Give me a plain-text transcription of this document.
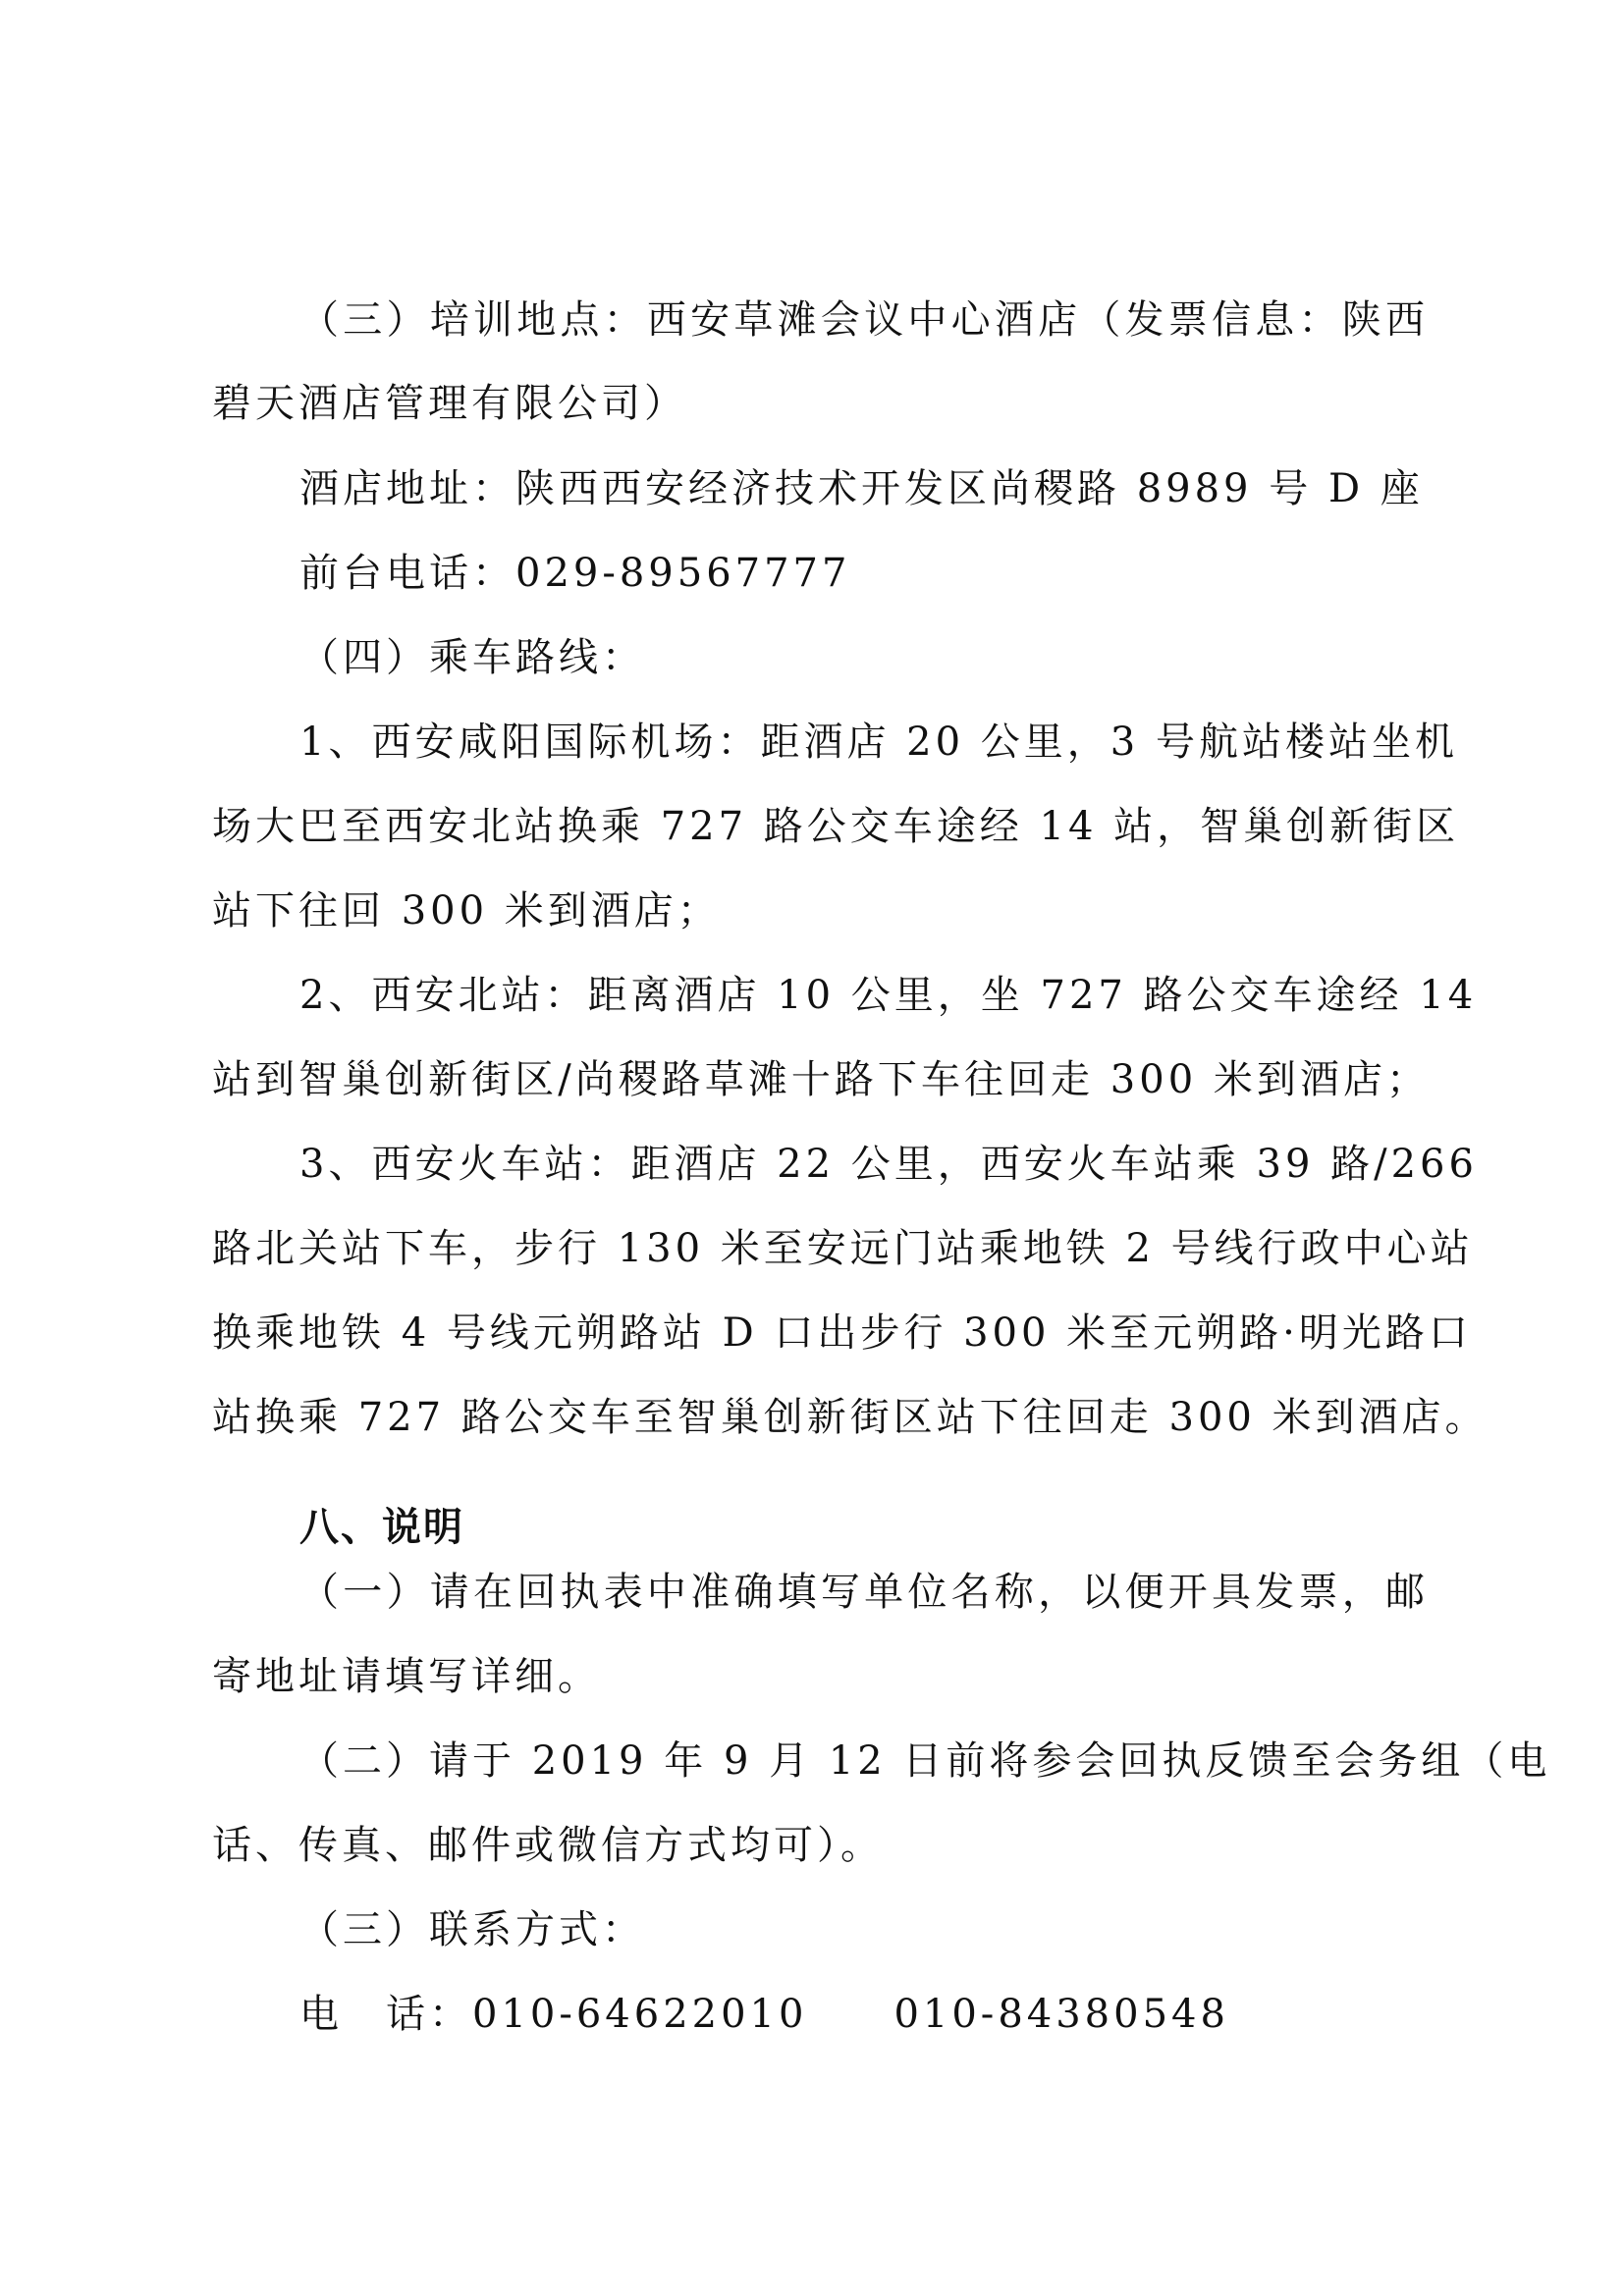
（三）培训地点：西安草滩会议中心酒店（发票信息：陕西
碧天酒店管理有限公司）
酒店地址：陕西西安经济技术开发区尚稷路 8989 号 D 座
前台电话：029-89567777
（四）乘车路线：
1、西安咸阳国际机场：距酒店 20 公里，3 号航站楼站坐机
场大巴至西安北站换乘 727 路公交车途经 14 站，智巢创新街区
站下往回 300 米到酒店；
2、西安北站：距离酒店 10 公里，坐 727 路公交车途经 14
站到智巢创新街区/尚稷路草滩十路下车往回走 300 米到酒店；
3、西安火车站：距酒店 22 公里，西安火车站乘 39 路/266
路北关站下车，步行 130 米至安远门站乘地铁 2 号线行政中心站
换乘地铁 4 号线元朔路站 D 口出步行 300 米至元朔路·明光路口
站换乘 727 路公交车至智巢创新街区站下往回走 300 米到酒店。
八、说明
（一）请在回执表中准确填写单位名称，以便开具发票，邮
寄地址请填写详细。
（二）请于 2019 年 9 月 12 日前将参会回执反馈至会务组（电
话、传真、邮件或微信方式均可）。
（三）联系方式：
电　话：010-64622010　　010-84380548
